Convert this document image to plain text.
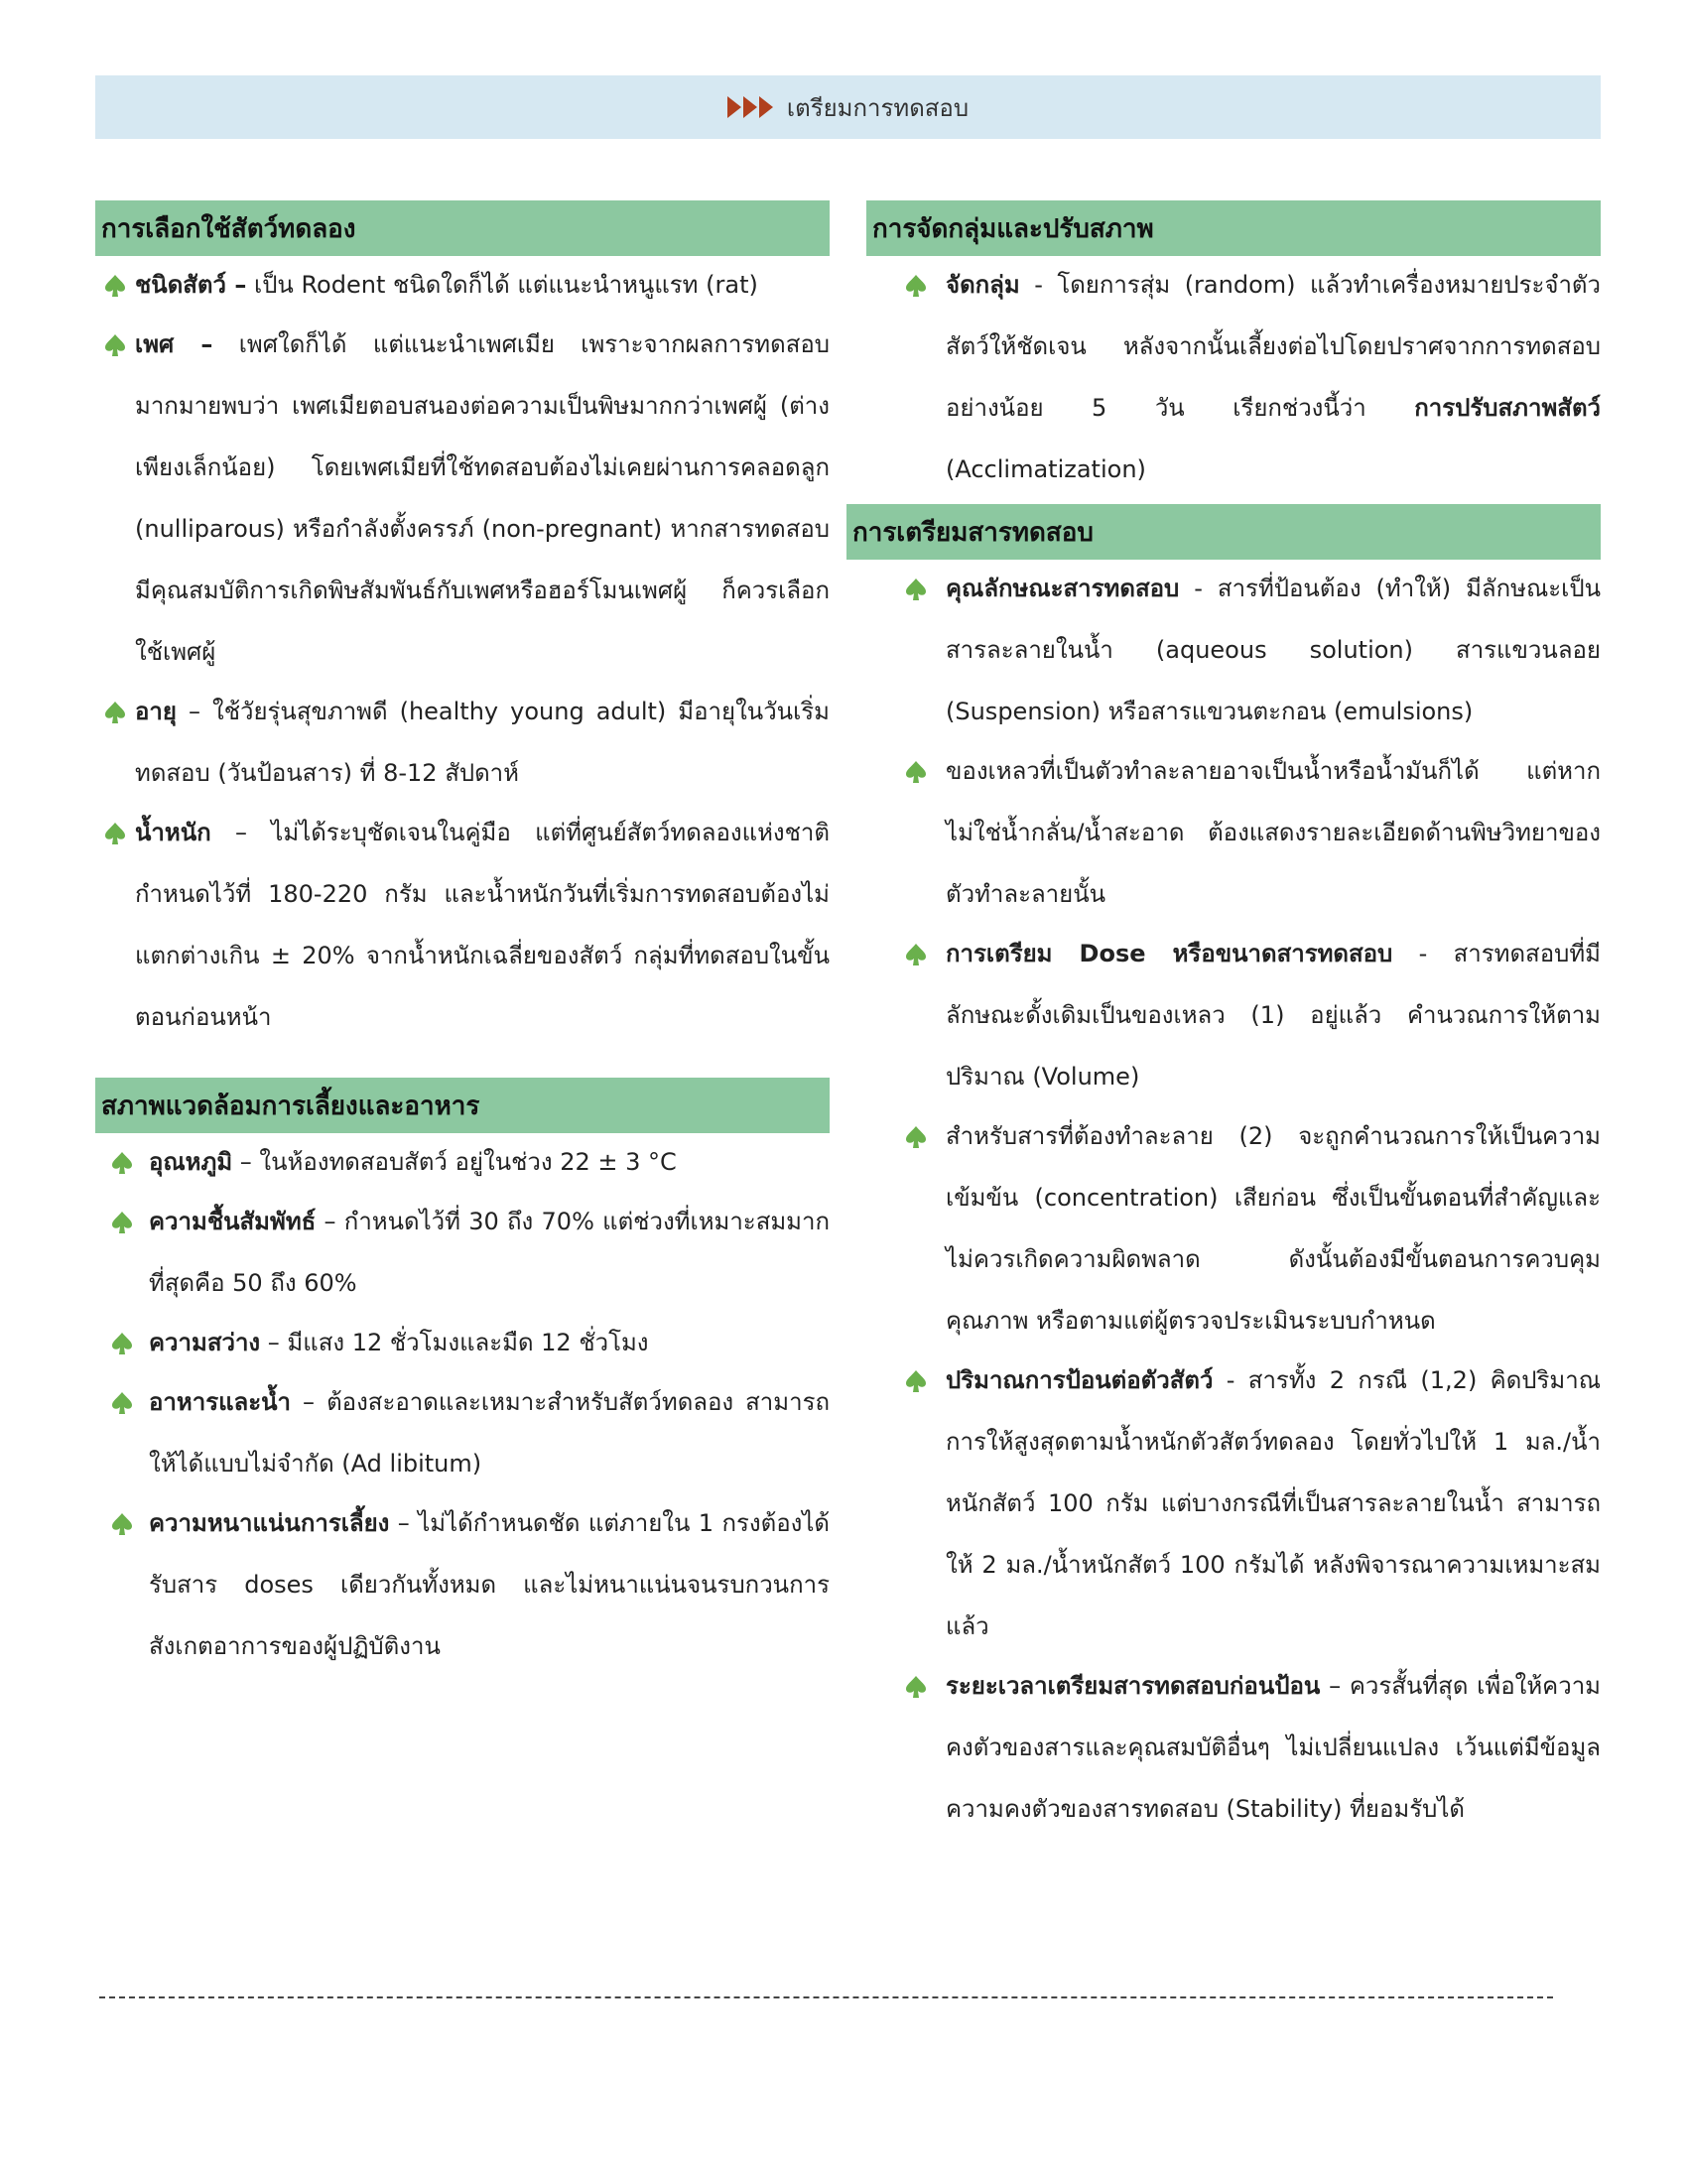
เตรียมการทดสอบ
การเลือกใช้สัตว์ทดลอง
ชนิดสัตว์ – เป็น Rodent ชนิดใดก็ได้ แต่แนะนำหนูแรท (rat)
เพศ – เพศใดก็ได้ แต่แนะนำเพศเมีย เพราะจากผลการทดสอบมากมายพบว่า เพศเมียตอบสนองต่อความเป็นพิษมากกว่าเพศผู้ (ต่างเพียงเล็กน้อย) โดยเพศเมียที่ใช้ทดสอบต้องไม่เคยผ่านการคลอดลูก (nulliparous) หรือกำลังตั้งครรภ์ (non-pregnant) หากสารทดสอบมีคุณสมบัติการเกิดพิษสัมพันธ์กับเพศหรือฮอร์โมนเพศผู้ ก็ควรเลือกใช้เพศผู้
อายุ – ใช้วัยรุ่นสุขภาพดี (healthy young adult) มีอายุในวันเริ่มทดสอบ (วันป้อนสาร) ที่ 8-12 สัปดาห์
น้ำหนัก – ไม่ได้ระบุชัดเจนในคู่มือ แต่ที่ศูนย์สัตว์ทดลองแห่งชาติกำหนดไว้ที่ 180-220 กรัม และน้ำหนักวันที่เริ่มการทดสอบต้องไม่แตกต่างเกิน ± 20% จากน้ำหนักเฉลี่ยของสัตว์ กลุ่มที่ทดสอบในขั้นตอนก่อนหน้า
สภาพแวดล้อมการเลี้ยงและอาหาร
อุณหภูมิ – ในห้องทดสอบสัตว์ อยู่ในช่วง 22 ± 3 °C
ความชื้นสัมพัทธ์ – กำหนดไว้ที่ 30 ถึง 70% แต่ช่วงที่เหมาะสมมากที่สุดคือ 50 ถึง 60%
ความสว่าง – มีแสง 12 ชั่วโมงและมืด 12 ชั่วโมง
อาหารและน้ำ – ต้องสะอาดและเหมาะสำหรับสัตว์ทดลอง สามารถให้ได้แบบไม่จำกัด (Ad libitum)
ความหนาแน่นการเลี้ยง – ไม่ได้กำหนดชัด แต่ภายใน 1 กรงต้องได้รับสาร doses เดียวกันทั้งหมด และไม่หนาแน่นจนรบกวนการสังเกตอาการของผู้ปฏิบัติงาน
การจัดกลุ่มและปรับสภาพ
จัดกลุ่ม - โดยการสุ่ม (random) แล้วทำเครื่องหมายประจำตัวสัตว์ให้ชัดเจน หลังจากนั้นเลี้ยงต่อไปโดยปราศจากการทดสอบอย่างน้อย 5 วัน เรียกช่วงนี้ว่า การปรับสภาพสัตว์ (Acclimatization)
การเตรียมสารทดสอบ
คุณลักษณะสารทดสอบ - สารที่ป้อนต้อง (ทำให้) มีลักษณะเป็นสารละลายในน้ำ (aqueous solution) สารแขวนลอย (Suspension) หรือสารแขวนตะกอน (emulsions)
ของเหลวที่เป็นตัวทำละลายอาจเป็นน้ำหรือน้ำมันก็ได้ แต่หากไม่ใช่น้ำกลั่น/น้ำสะอาด ต้องแสดงรายละเอียดด้านพิษวิทยาของตัวทำละลายนั้น
การเตรียม Dose หรือขนาดสารทดสอบ - สารทดสอบที่มีลักษณะดั้งเดิมเป็นของเหลว (1) อยู่แล้ว คำนวณการให้ตามปริมาณ (Volume)
สำหรับสารที่ต้องทำละลาย (2) จะถูกคำนวณการให้เป็นความเข้มข้น (concentration) เสียก่อน ซึ่งเป็นขั้นตอนที่สำคัญและไม่ควรเกิดความผิดพลาด ดังนั้นต้องมีขั้นตอนการควบคุมคุณภาพ หรือตามแต่ผู้ตรวจประเมินระบบกำหนด
ปริมาณการป้อนต่อตัวสัตว์ - สารทั้ง 2 กรณี (1,2) คิดปริมาณการให้สูงสุดตามน้ำหนักตัวสัตว์ทดลอง โดยทั่วไปให้ 1 มล./น้ำหนักสัตว์ 100 กรัม แต่บางกรณีที่เป็นสารละลายในน้ำ สามารถให้ 2 มล./น้ำหนักสัตว์ 100 กรัมได้ หลังพิจารณาความเหมาะสมแล้ว
ระยะเวลาเตรียมสารทดสอบก่อนป้อน – ควรสั้นที่สุด เพื่อให้ความคงตัวของสารและคุณสมบัติอื่นๆ ไม่เปลี่ยนแปลง เว้นแต่มีข้อมูลความคงตัวของสารทดสอบ (Stability) ที่ยอมรับได้
